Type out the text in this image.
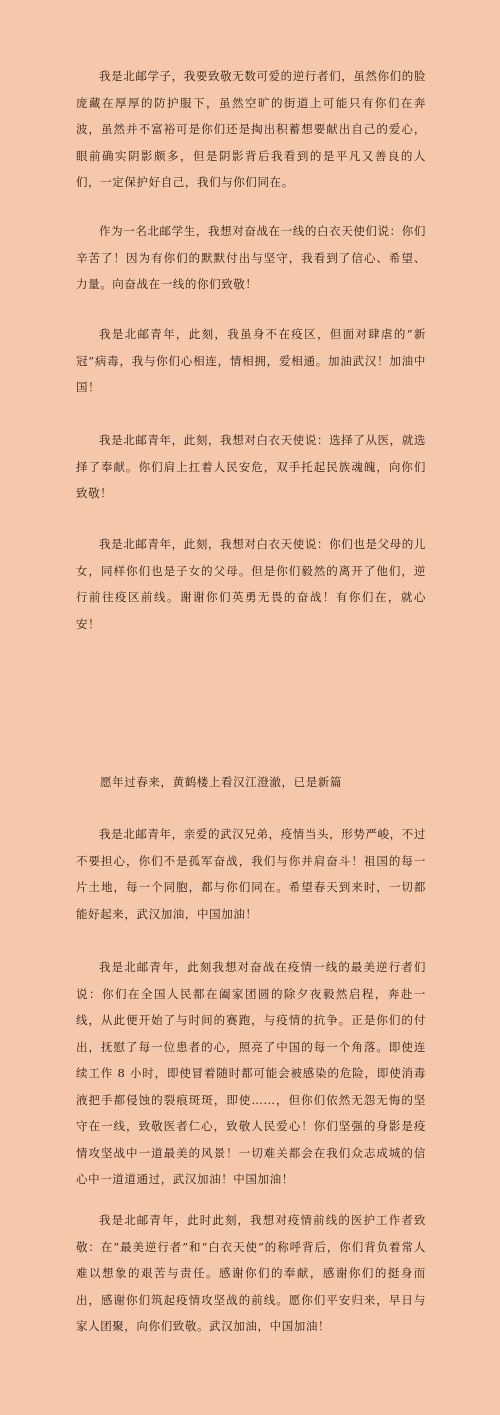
我是北邮学子，我要致敬无数可爱的逆行者们，虽然你们的脸庞藏在厚厚的防护服下，虽然空旷的街道上可能只有你们在奔波，虽然并不富裕可是你们还是掏出积蓄想要献出自己的爱心，眼前确实阴影颇多，但是阴影背后我看到的是平凡又善良的人们，一定保护好自己，我们与你们同在。

作为一名北邮学生，我想对奋战在一线的白衣天使们说：你们辛苦了！因为有你们的默默付出与坚守，我看到了信心、希望、力量。向奋战在一线的你们致敬！

我是北邮青年，此刻，我虽身不在疫区，但面对肆虐的“新冠”病毒，我与你们心相连，情相拥，爱相通。加油武汉！加油中国！

我是北邮青年，此刻，我想对白衣天使说：选择了从医，就选择了奉献。你们肩上扛着人民安危，双手托起民族魂魄，向你们致敬！

我是北邮青年，此刻，我想对白衣天使说：你们也是父母的儿女，同样你们也是子女的父母。但是你们毅然的离开了他们，逆行前往疫区前线。谢谢你们英勇无畏的奋战！有你们在，就心安！

愿年过春来，黄鹤楼上看汉江澄澈，已是新篇

我是北邮青年，亲爱的武汉兄弟，疫情当头，形势严峻，不过不要担心，你们不是孤军奋战，我们与你并肩奋斗！祖国的每一片土地，每一个同胞，都与你们同在。希望春天到来时，一切都能好起来，武汉加油，中国加油！

我是北邮青年，此刻我想对奋战在疫情一线的最美逆行者们说：你们在全国人民都在阖家团圆的除夕夜毅然启程，奔赴一线，从此便开始了与时间的赛跑，与疫情的抗争。正是你们的付出，抚慰了每一位患者的心，照亮了中国的每一个角落。即使连续工作 8 小时，即使冒着随时都可能会被感染的危险，即使消毒液把手都侵蚀的裂痕斑斑，即使……，但你们依然无怨无悔的坚守在一线，致敬医者仁心，致敬人民爱心！你们坚强的身影是疫情攻坚战中一道最美的风景！一切难关都会在我们众志成城的信心中一道道通过，武汉加油！中国加油！

我是北邮青年，此时此刻，我想对疫情前线的医护工作者致敬：在“最美逆行者”和“白衣天使”的称呼背后，你们背负着常人难以想象的艰苦与责任。感谢你们的奉献，感谢你们的挺身而出，感谢你们筑起疫情攻坚战的前线。愿你们平安归来，早日与家人团聚，向你们致敬。武汉加油，中国加油！
